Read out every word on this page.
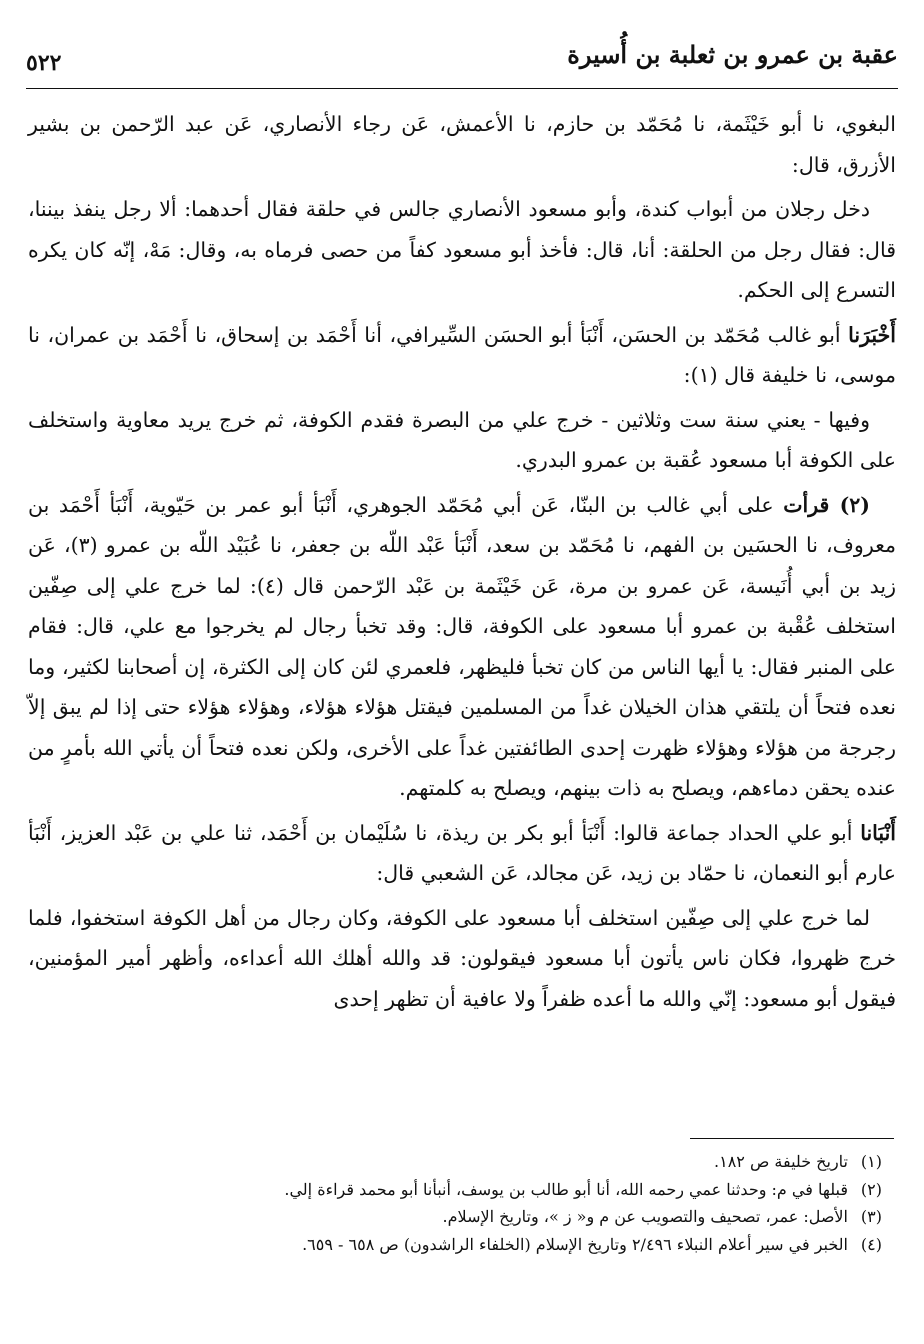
عقبة بن عمرو بن ثعلبة بن أُسيرة
٥٢٢

البغوي، نا أبو خَيْثَمة، نا مُحَمّد بن حازم، نا الأعمش، عَن رجاء الأنصاري، عَن عبد الرّحمن بن بشير الأزرق، قال:

دخل رجلان من أبواب كندة، وأبو مسعود الأنصاري جالس في حلقة فقال أحدهما: ألا رجل ينفذ بيننا، قال: فقال رجل من الحلقة: أنا، قال: فأخذ أبو مسعود كفاً من حصى فرماه به، وقال: مَهْ، إنّه كان يكره التسرع إلى الحكم.

أَخْبَرَنا أبو غالب مُحَمّد بن الحسَن، أَنْبَأ أبو الحسَن السِّيرافي، أنا أَحْمَد بن إسحاق، نا أَحْمَد بن عمران، نا موسى، نا خليفة قال (١):

وفيها - يعني سنة ست وثلاثين - خرج علي من البصرة فقدم الكوفة، ثم خرج يريد معاوية واستخلف على الكوفة أبا مسعود عُقبة بن عمرو البدري.

(٢) قرأت على أبي غالب بن البنّا، عَن أبي مُحَمّد الجوهري، أَنْبَأ أبو عمر بن حَيّوية، أَنْبَأ أَحْمَد بن معروف، نا الحسَين بن الفهم، نا مُحَمّد بن سعد، أَنْبَأ عَبْد اللّه بن جعفر، نا عُبَيْد اللّه بن عمرو (٣)، عَن زيد بن أبي أُنَيسة، عَن عمرو بن مرة، عَن خَيْثَمة بن عَبْد الرّحمن قال (٤): لما خرج علي إلى صِفّين استخلف عُقْبة بن عمرو أبا مسعود على الكوفة، قال: وقد تخبأ رجال لم يخرجوا مع علي، قال: فقام على المنبر فقال: يا أيها الناس من كان تخبأ فليظهر، فلعمري لئن كان إلى الكثرة، إن أصحابنا لكثير، وما نعده فتحاً أن يلتقي هذان الخيلان غداً من المسلمين فيقتل هؤلاء هؤلاء، وهؤلاء هؤلاء حتى إذا لم يبق إلاّ رجرجة من هؤلاء وهؤلاء ظهرت إحدى الطائفتين غداً على الأخرى، ولكن نعده فتحاً أن يأتي الله بأمرٍ من عنده يحقن دماءهم، ويصلح به ذات بينهم، ويصلح به كلمتهم.

أَنْبَانا أبو علي الحداد جماعة قالوا: أَنْبَأ أبو بكر بن ريذة، نا سُلَيْمان بن أَحْمَد، ثنا علي بن عَبْد العزيز، أَنْبَأ عارم أبو النعمان، نا حمّاد بن زيد، عَن مجالد، عَن الشعبي قال:

لما خرج علي إلى صِفّين استخلف أبا مسعود على الكوفة، وكان رجال من أهل الكوفة استخفوا، فلما خرج ظهروا، فكان ناس يأتون أبا مسعود فيقولون: قد والله أهلك الله أعداءه، وأظهر أمير المؤمنين، فيقول أبو مسعود: إنّي والله ما أعده ظفراً ولا عافية أن تظهر إحدى

(١)تاريخ خليفة ص ١٨٢.
(٢)قبلها في م: وحدثنا عمي رحمه الله، أنا أبو طالب بن يوسف، أنبأنا أبو محمد قراءة إلي.
(٣)الأصل: عمر، تصحيف والتصويب عن م و« ز »، وتاريخ الإسلام.
(٤)الخبر في سير أعلام النبلاء ٢/٤٩٦ وتاريخ الإسلام (الخلفاء الراشدون) ص ٦٥٨ - ٦٥٩.
